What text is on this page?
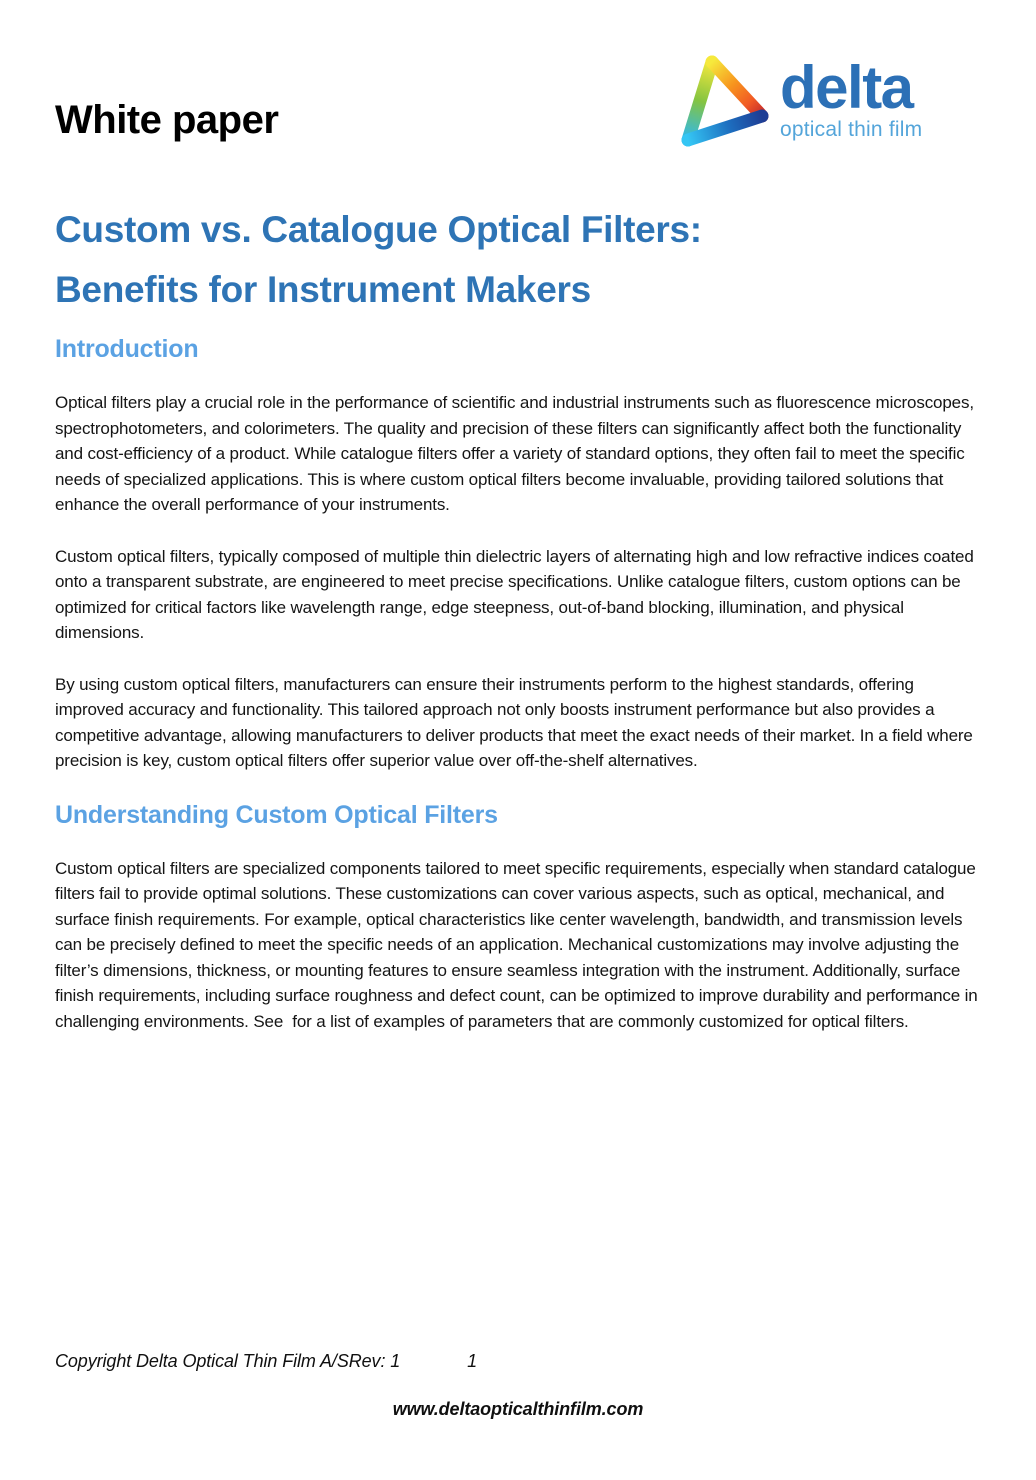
White paper	delta
optical thin film
Custom vs. Catalogue Optical Filters:
Benefits for Instrument Makers
Introduction

Optical filters play a crucial role in the performance of scientific and industrial instruments such as fluorescence microscopes, spectrophotometers, and colorimeters. The quality and precision of these filters can significantly affect both the functionality and cost-efficiency of a product. While catalogue filters offer a variety of standard options, they often fail to meet the specific needs of specialized applications. This is where custom optical filters become invaluable, providing tailored solutions that enhance the overall performance of your instruments.

Custom optical filters, typically composed of multiple thin dielectric layers of alternating high and low refractive indices coated onto a transparent substrate, are engineered to meet precise specifications. Unlike catalogue filters, custom options can be optimized for critical factors like wavelength range, edge steepness, out-of-band blocking, illumination, and physical dimensions.

By using custom optical filters, manufacturers can ensure their instruments perform to the highest standards, offering improved accuracy and functionality. This tailored approach not only boosts instrument performance but also provides a competitive advantage, allowing manufacturers to deliver products that meet the exact needs of their market. In a field where precision is key, custom optical filters offer superior value over off-the-shelf alternatives.

Understanding Custom Optical Filters

Custom optical filters are specialized components tailored to meet specific requirements, especially when standard catalogue filters fail to provide optimal solutions. These customizations can cover various aspects, such as optical, mechanical, and surface finish requirements. For example, optical characteristics like center wavelength, bandwidth, and transmission levels can be precisely defined to meet the specific needs of an application. Mechanical customizations may involve adjusting the filter’s dimensions, thickness, or mounting features to ensure seamless integration with the instrument. Additionally, surface finish requirements, including surface roughness and defect count, can be optimized to improve durability and performance in challenging environments. See  for a list of examples of parameters that are commonly customized for optical filters.

Copyright Delta Optical Thin Film A/SRev: 1	1
www.deltaopticalthinfilm.com
